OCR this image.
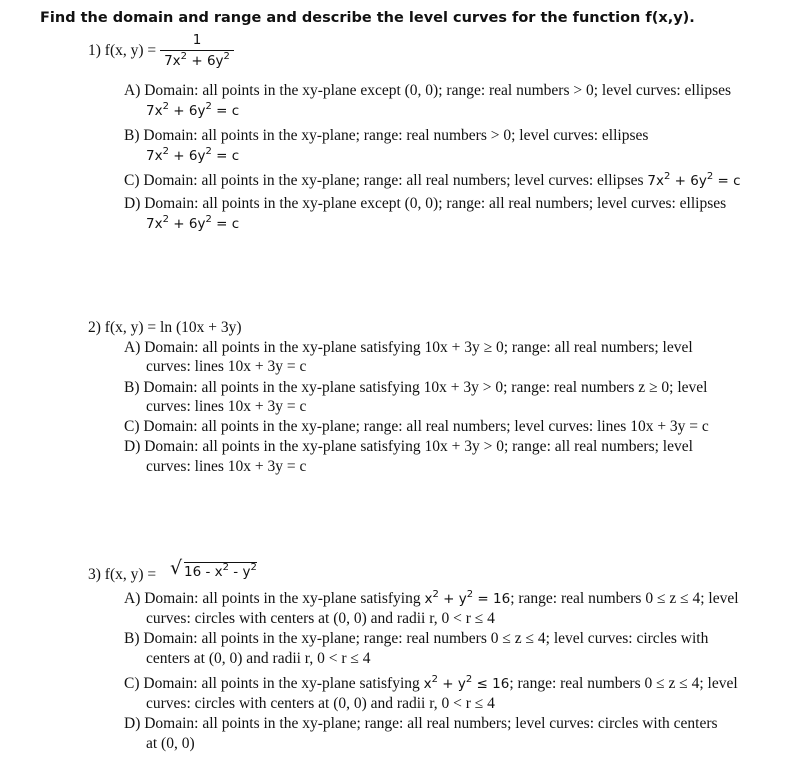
Find the domain and range and describe the level curves for the function f(x,y).
1) f(x, y) =
1
$7x^2 + 6y^2$
A) Domain: all points in the xy-plane except (0, 0); range: real numbers > 0; level curves: ellipses
$7x^2 + 6y^2 = c$
B) Domain: all points in the xy-plane; range: real numbers > 0; level curves: ellipses
$7x^2 + 6y^2 = c$
C) Domain: all points in the xy-plane; range: all real numbers; level curves: ellipses $7x^2 + 6y^2 = c$
D) Domain: all points in the xy-plane except (0, 0); range: all real numbers; level curves: ellipses
$7x^2 + 6y^2 = c$
2) f(x, y) = ln (10x + 3y)
A) Domain: all points in the xy-plane satisfying 10x + 3y ≥ 0; range: all real numbers; level
curves: lines 10x + 3y = c
B) Domain: all points in the xy-plane satisfying 10x + 3y > 0; range: real numbers z ≥ 0; level
curves: lines 10x + 3y = c
C) Domain: all points in the xy-plane; range: all real numbers; level curves: lines 10x + 3y = c
D) Domain: all points in the xy-plane satisfying 10x + 3y > 0; range: all real numbers; level
curves: lines 10x + 3y = c
3) f(x, y) = √ $16 - x^2 - y^2$
A) Domain: all points in the xy-plane satisfying $x^2 + y^2 = 16$; range: real numbers 0 ≤ z ≤ 4; level
curves: circles with centers at (0, 0) and radii r, 0 < r ≤ 4
B) Domain: all points in the xy-plane; range: real numbers 0 ≤ z ≤ 4; level curves: circles with
centers at (0, 0) and radii r, 0 < r ≤ 4
C) Domain: all points in the xy-plane satisfying $x^2 + y^2 \le 16$; range: real numbers 0 ≤ z ≤ 4; level
curves: circles with centers at (0, 0) and radii r, 0 < r ≤ 4
D) Domain: all points in the xy-plane; range: all real numbers; level curves: circles with centers
at (0, 0)
